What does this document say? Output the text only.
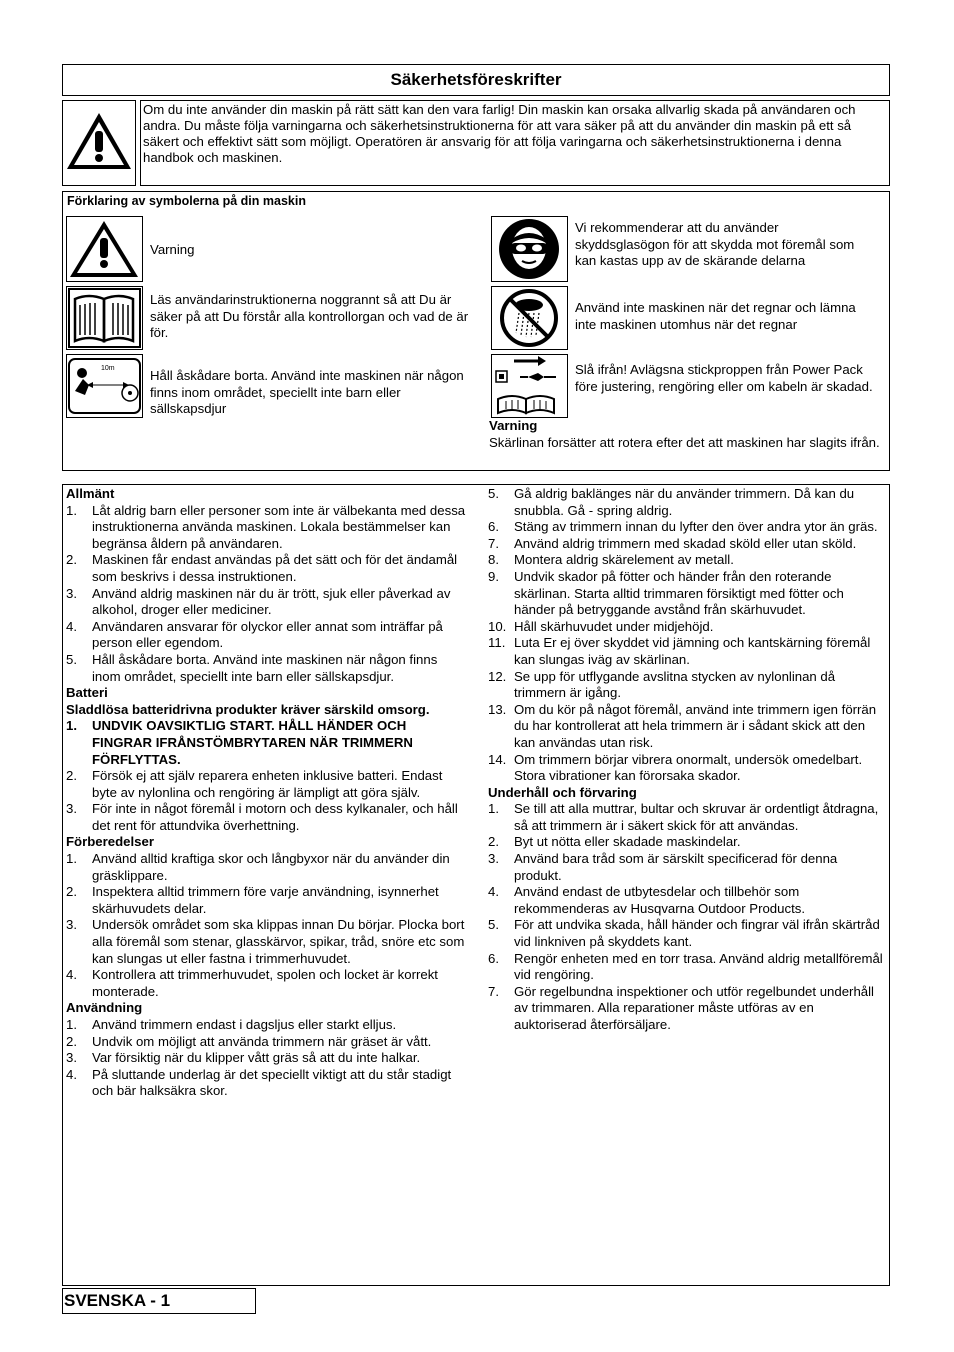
Säkerhetsföreskrifter
Om du inte använder din maskin på rätt sätt kan den vara farlig! Din maskin kan orsaka allvarlig skada på användaren och andra. Du måste följa varningarna och säkerhetsinstruktionerna för att vara säker på att du använder din maskin på ett så säkert och effektivt sätt som möjligt. Operatören är ansvarig för att följa varingarna och säkerhetsinstruktionerna i denna handbok och maskinen.
Förklaring av symbolerna på din maskin
Varning
Läs användarinstruktionerna noggrannt så att Du är säker på att Du förstår alla kontrollorgan och vad de är för.
10m	Håll åskådare borta. Använd inte maskinen när någon finns inom området, speciellt inte barn eller sällskapsdjur
Vi rekommenderar att du använder skyddsglasögon för att skydda mot föremål som kan kastas upp av de skärande delarna
Använd inte maskinen när det regnar och lämna inte maskinen utomhus när det regnar
Slå ifrån! Avlägsna stickproppen från Power Pack före justering, rengöring eller om kabeln är skadad.
Varning
Skärlinan forsätter att rotera efter det att maskinen har slagits ifrån.
Allmänt
1. Låt aldrig barn eller personer som inte är välbekanta med dessa instruktionerna använda maskinen. Lokala bestämmelser kan begränsa åldern på användaren.
2. Maskinen får endast användas på det sätt och för det ändamål som beskrivs i dessa instruktionen.
3. Använd aldrig maskinen när du är trött, sjuk eller påverkad av alkohol, droger eller mediciner.
4. Användaren ansvarar för olyckor eller annat som inträffar på person eller egendom.
5. Håll åskådare borta. Använd inte maskinen när någon finns inom området, speciellt inte barn eller sällskapsdjur.
Batteri
Sladdlösa batteridrivna produkter kräver särskild omsorg.
1. UNDVIK OAVSIKTLIG START. HÅLL HÄNDER OCH FINGRAR IFRÅNSTÖMBRYTAREN NÄR TRIMMERN FÖRFLYTTAS.
2. Försök ej att själv reparera enheten inklusive batteri. Endast byte av nylonlina och rengöring är lämpligt att göra själv.
3. För inte in något föremål i motorn och dess kylkanaler, och håll det rent för attundvika överhettning.
Förberedelser
1. Använd alltid kraftiga skor och långbyxor när du använder din gräsklippare.
2. Inspektera alltid trimmern före varje användning, isynnerhet skärhuvudets delar.
3. Undersök området som ska klippas innan Du börjar. Plocka bort alla föremål som stenar, glasskärvor, spikar, tråd, snöre etc som kan slungas ut eller fastna i trimmerhuvudet.
4. Kontrollera att trimmerhuvudet, spolen och locket är korrekt monterade.
Användning
1. Använd trimmern endast i dagsljus eller starkt elljus.
2. Undvik om möjligt att använda trimmern när gräset är vått.
3. Var försiktig när du klipper vått gräs så att du inte halkar.
4. På sluttande underlag är det speciellt viktigt att du står stadigt och bär halksäkra skor.
5. Gå aldrig baklänges när du använder trimmern. Då kan du snubbla. Gå - spring aldrig.
6. Stäng av trimmern innan du lyfter den över andra ytor än gräs.
7. Använd aldrig trimmern med skadad sköld eller utan sköld.
8. Montera aldrig skärelement av metall.
9. Undvik skador på fötter och händer från den roterande skärlinan. Starta alltid trimmaren försiktigt med fötter och händer på betryggande avstånd från skärhuvudet.
10. Håll skärhuvudet under midjehöjd.
11. Luta Er ej över skyddet vid jämning och kantskärning föremål kan slungas iväg av skärlinan.
12. Se upp för utflygande avslitna stycken av nylonlinan då trimmern är igång.
13. Om du kör på något föremål, använd inte trimmern igen förrän du har kontrollerat att hela trimmern är i sådant skick att den kan användas utan risk.
14. Om trimmern börjar vibrera onormalt, undersök omedelbart. Stora vibrationer kan förorsaka skador.
Underhåll och förvaring
1. Se till att alla muttrar, bultar och skruvar är ordentligt åtdragna, så att trimmern är i säkert skick för att användas.
2. Byt ut nötta eller skadade maskindelar.
3. Använd bara tråd som är särskilt specificerad för denna produkt.
4. Använd endast de utbytesdelar och tillbehör som rekommenderas av Husqvarna Outdoor Products.
5. För att undvika skada, håll händer och fingrar väl ifrån skärtråd vid linkniven på skyddets kant.
6. Rengör enheten med en torr trasa. Använd aldrig metallföremål vid rengöring.
7. Gör regelbundna inspektioner och utför regelbundet underhåll av trimmaren. Alla reparationer måste utföras av en auktoriserad återförsäljare.
SVENSKA - 1
